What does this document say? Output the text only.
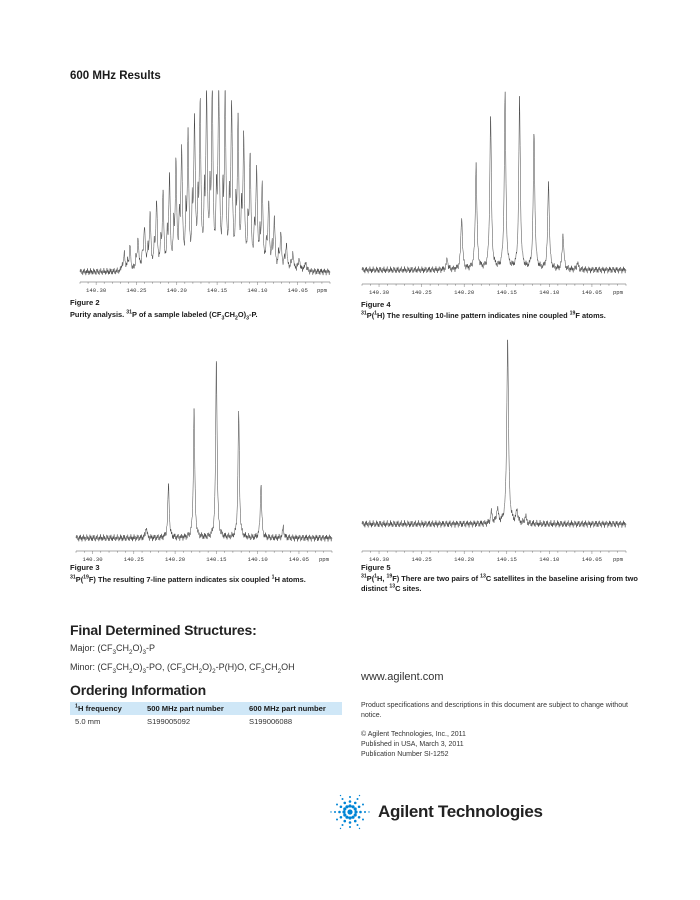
600 MHz Results
140.30	140.25	140.20	140.15	140.10	140.05 ppm
Figure 2
Purity analysis. $^{31}$P of a sample labeled $(CF_3CH_2O)_3-P$.
140.30	140.25	140.20	140.15	140.10	140.05 ppm
Figure 4
$^{31}$P($^1$H) The resulting 10-line pattern indicates nine coupled $^{19}$F atoms.
140.30	140.25	140.20	140.15	140.10	140.05 ppm
Figure 3
$^{31}$P($^{19}$F) The resulting 7-line pattern indicates six coupled $^1$H atoms.
140.30	140.25	140.20	140.15	140.10	140.05 ppm
Figure 5
$^{31}$P($^1$H, $^{19}$F) There are two pairs of $^{13}$C satellites in the baseline arising from two distinct $^{13}$C sites.
Final Determined Structures:
Major: $(CF_3CH_2O)_3-P$
Minor: $(CF_3CH_2O)_3-PO$, $(CF_3CH_2O)_2-P(H)O$, $CF_3CH_2OH$
Ordering Information
$^1$H frequency	500 MHz part number	600 MHz part number
5.0 mm	S199005092	S199006088
www.agilent.com
Product specifications and descriptions in this document are subject to change without notice.
© Agilent Technologies, Inc., 2011
Published in USA, March 3, 2011
Publication Number SI-1252
Agilent Technologies
